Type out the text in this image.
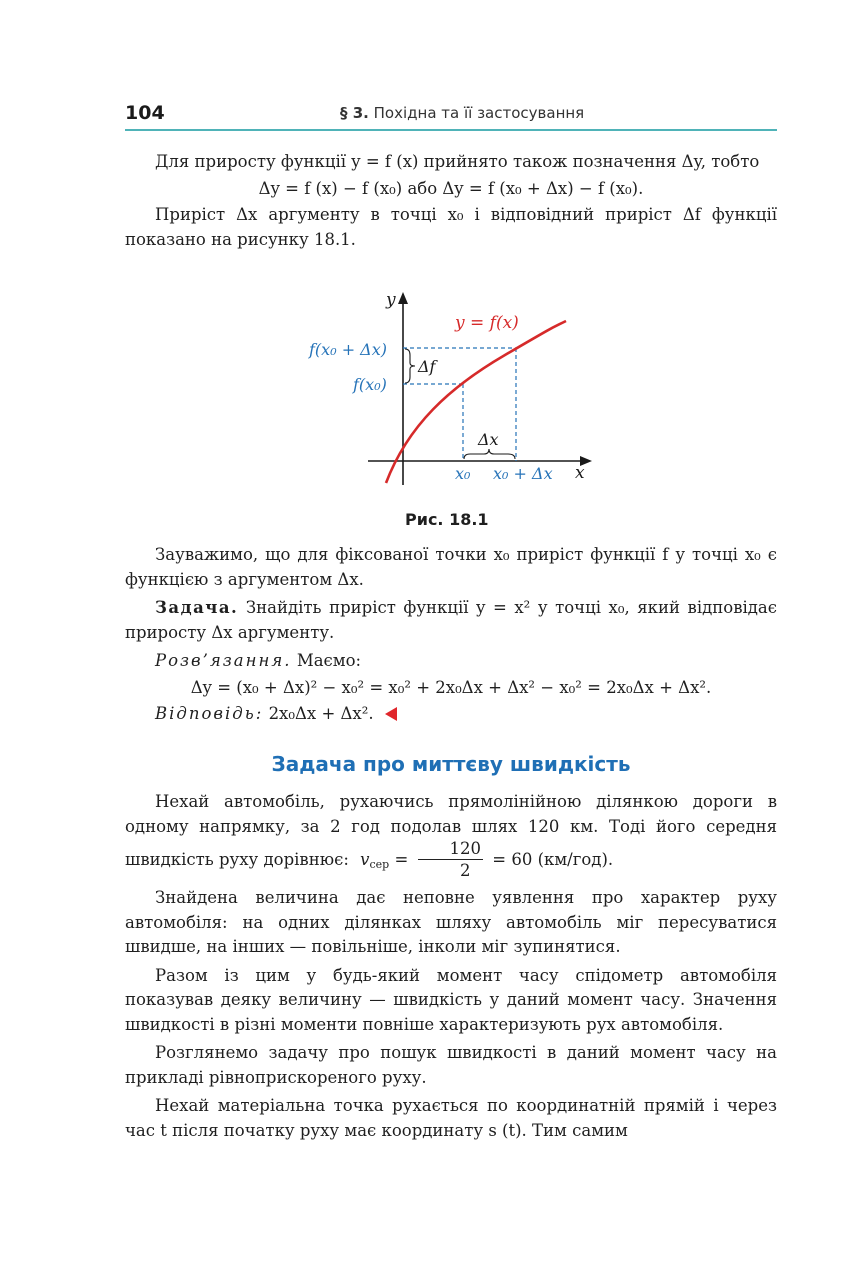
104	§ 3. Похідна та її застосування

Для приросту функції y = f (x) прийнято також позначення Δy, тобто

Δy = f (x) − f (x₀) або Δy = f (x₀ + Δx) − f (x₀).

Приріст Δx аргументу в точці x₀ і відповідний приріст Δf функції показано на рисунку 18.1.

y
x
y = f(x)
Δf
Δx
f(x₀ + Δx)
f(x₀)
x₀ x₀ + Δx
Рис. 18.1

Зауважимо, що для фіксованої точки x₀ приріст функції f у точці x₀ є функцією з аргументом Δx.

Задача. Знайдіть приріст функції y = x² у точці x₀, який відповідає приросту Δx аргументу.

Розв’язання. Маємо:

Δy = (x₀ + Δx)² − x₀² = x₀² + 2x₀Δx + Δx² − x₀² = 2x₀Δx + Δx².

Відповідь: 2x₀Δx + Δx².

Задача про миттєву швидкість

Нехай автомобіль, рухаючись прямолінійною ділянкою дороги в одному напрямку, за 2 год подолав шлях 120 км. Тоді його середня швидкість руху дорівнює: $v_{сер} = \frac{120}{2} = 60$ (км/год).

Знайдена величина дає неповне уявлення про характер руху автомобіля: на одних ділянках шляху автомобіль міг пересуватися швидше, на інших — повільніше, інколи міг зупинятися.

Разом із цим у будь-який момент часу спідометр автомобіля показував деяку величину — швидкість у даний момент часу. Значення швидкості в різні моменти повніше характеризують рух автомобіля.

Розглянемо задачу про пошук швидкості в даний момент часу на прикладі рівноприскореного руху.

Нехай матеріальна точка рухається по координатній прямій і через час t після початку руху має координату s (t). Тим самим
